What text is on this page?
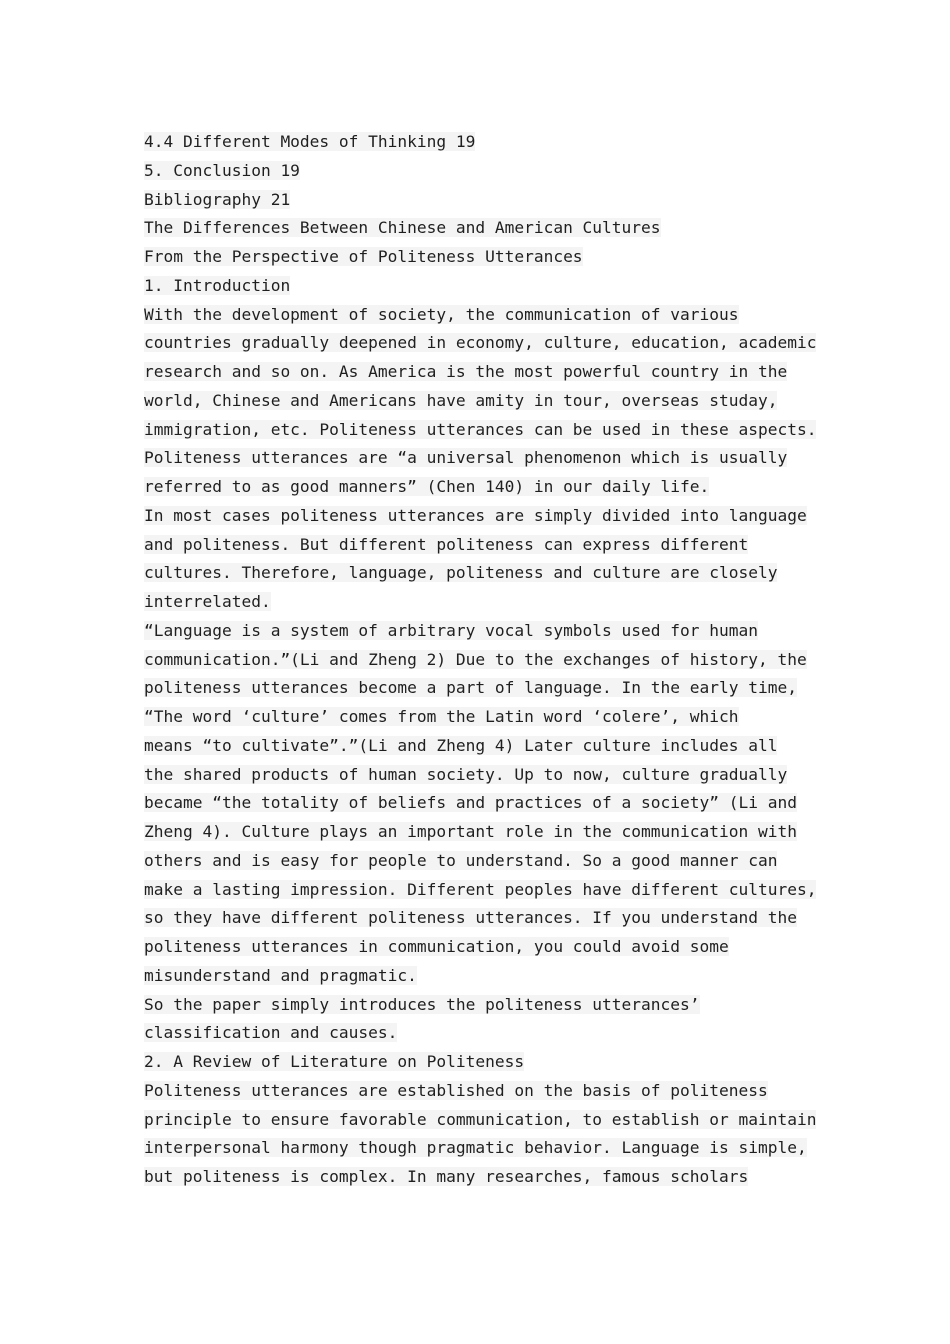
4.4 Different Modes of Thinking 19
5. Conclusion 19
Bibliography 21
The Differences Between Chinese and American Cultures
From the Perspective of Politeness Utterances
1. Introduction
With the development of society, the communication of various
countries gradually deepened in economy, culture, education, academic
research and so on. As America is the most powerful country in the
world, Chinese and Americans have amity in tour, overseas studay,
immigration, etc. Politeness utterances can be used in these aspects.
Politeness utterances are “a universal phenomenon which is usually
referred to as good manners” (Chen 140) in our daily life.
In most cases politeness utterances are simply divided into language
and politeness. But different politeness can express different
cultures. Therefore, language, politeness and culture are closely
interrelated.
“Language is a system of arbitrary vocal symbols used for human
communication.”(Li and Zheng 2) Due to the exchanges of history, the
politeness utterances become a part of language. In the early time,
“The word ‘culture’ comes from the Latin word ‘colere’, which
means “to cultivate”.”(Li and Zheng 4) Later culture includes all
the shared products of human society. Up to now, culture gradually
became “the totality of beliefs and practices of a society” (Li and
Zheng 4). Culture plays an important role in the communication with
others and is easy for people to understand. So a good manner can
make a lasting impression. Different peoples have different cultures,
so they have different politeness utterances. If you understand the
politeness utterances in communication, you could avoid some
misunderstand and pragmatic.
So the paper simply introduces the politeness utterances’
classification and causes.
2. A Review of Literature on Politeness
Politeness utterances are established on the basis of politeness
principle to ensure favorable communication, to establish or maintain
interpersonal harmony though pragmatic behavior. Language is simple,
but politeness is complex. In many researches, famous scholars
